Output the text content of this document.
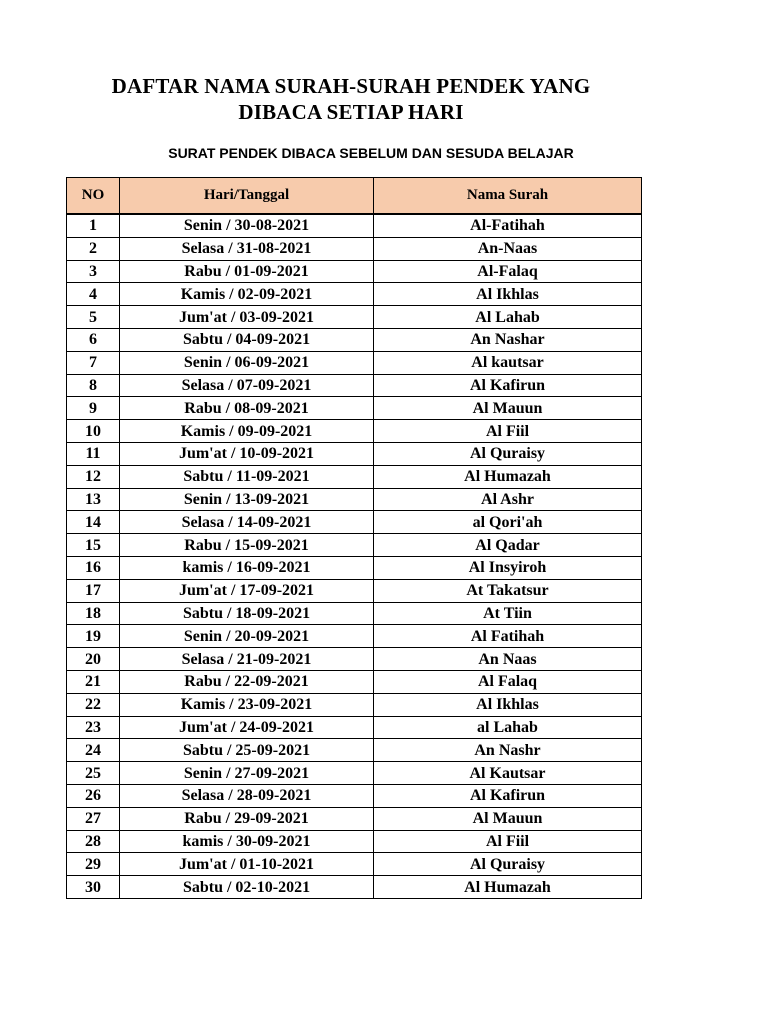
DAFTAR NAMA SURAH-SURAH PENDEK YANG
DIBACA SETIAP HARI
SURAT PENDEK DIBACA SEBELUM DAN SESUDA BELAJAR
NO	Hari/Tanggal	Nama Surah
1	Senin / 30-08-2021	Al-Fatihah
2	Selasa / 31-08-2021	An-Naas
3	Rabu / 01-09-2021	Al-Falaq
4	Kamis / 02-09-2021	Al Ikhlas
5	Jum'at / 03-09-2021	Al Lahab
6	Sabtu / 04-09-2021	An Nashar
7	Senin / 06-09-2021	Al kautsar
8	Selasa / 07-09-2021	Al Kafirun
9	Rabu / 08-09-2021	Al Mauun
10	Kamis / 09-09-2021	Al Fiil
11	Jum'at / 10-09-2021	Al Quraisy
12	Sabtu / 11-09-2021	Al Humazah
13	Senin / 13-09-2021	Al Ashr
14	Selasa / 14-09-2021	al Qori'ah
15	Rabu / 15-09-2021	Al Qadar
16	kamis / 16-09-2021	Al Insyiroh
17	Jum'at / 17-09-2021	At Takatsur
18	Sabtu / 18-09-2021	At Tiin
19	Senin / 20-09-2021	Al Fatihah
20	Selasa / 21-09-2021	An Naas
21	Rabu / 22-09-2021	Al Falaq
22	Kamis / 23-09-2021	Al Ikhlas
23	Jum'at / 24-09-2021	al Lahab
24	Sabtu / 25-09-2021	An Nashr
25	Senin / 27-09-2021	Al Kautsar
26	Selasa / 28-09-2021	Al Kafirun
27	Rabu / 29-09-2021	Al Mauun
28	kamis / 30-09-2021	Al Fiil
29	Jum'at / 01-10-2021	Al Quraisy
30	Sabtu / 02-10-2021	Al Humazah
